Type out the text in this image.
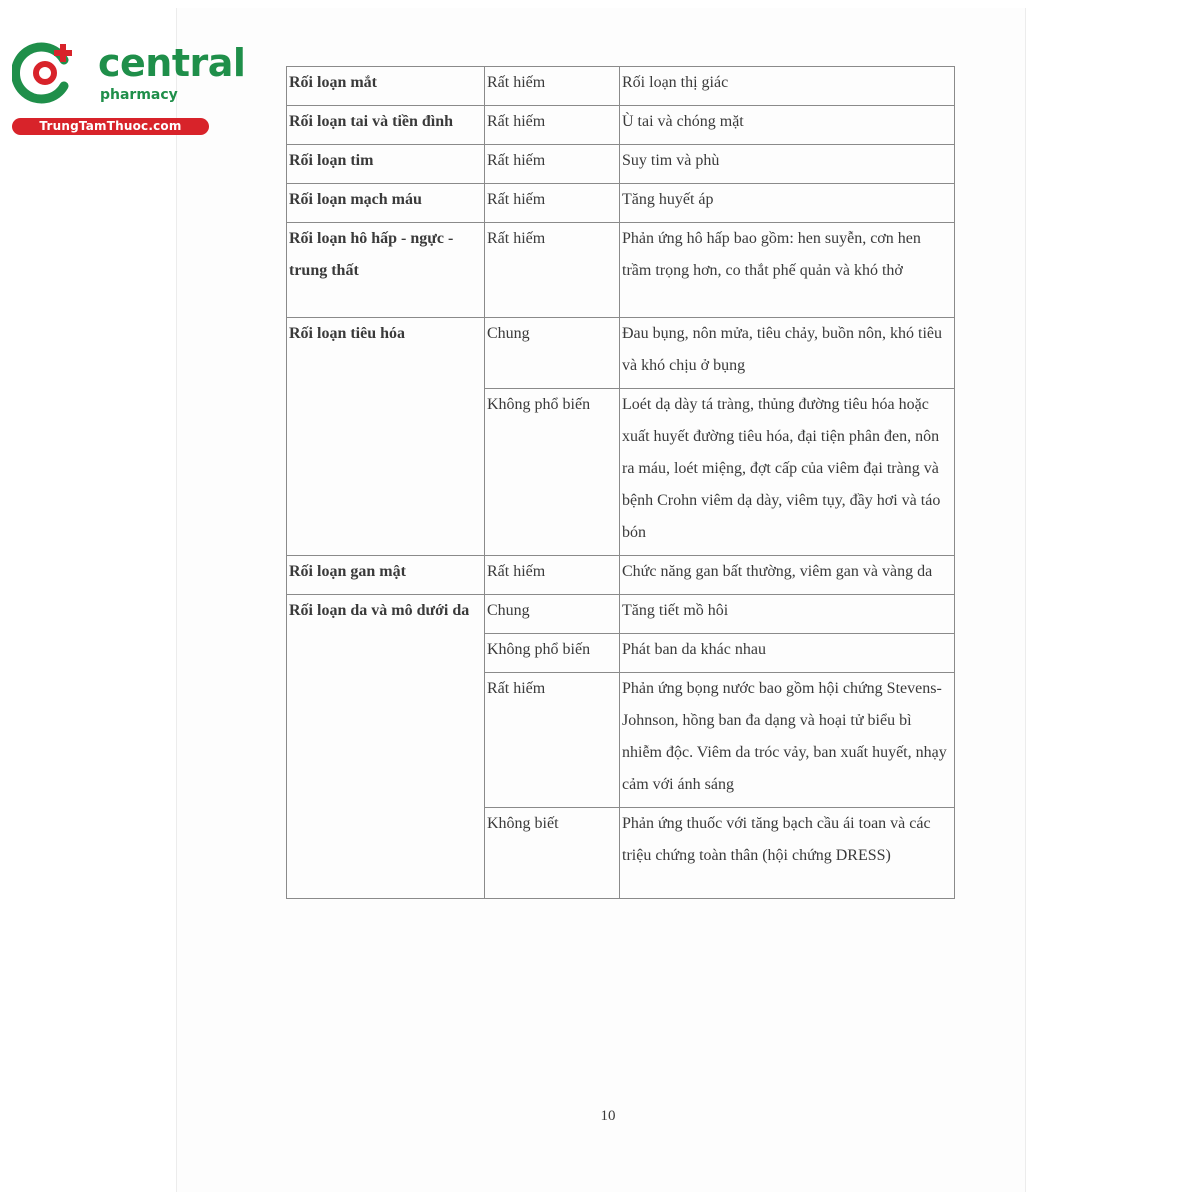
central
pharmacy
TrungTamThuoc.com
Rối loạn mắt	Rất hiếm	Rối loạn thị giác
Rối loạn tai và tiền đình	Rất hiếm	Ù tai và chóng mặt
Rối loạn tim	Rất hiếm	Suy tim và phù
Rối loạn mạch máu	Rất hiếm	Tăng huyết áp
Rối loạn hô hấp - ngực - trung thất	Rất hiếm	Phản ứng hô hấp bao gồm: hen suyễn, cơn hen trầm trọng hơn, co thắt phế quản và khó thở
Rối loạn tiêu hóa	Chung	Đau bụng, nôn mửa, tiêu chảy, buồn nôn, khó tiêu và khó chịu ở bụng
	Không phổ biến	Loét dạ dày tá tràng, thủng đường tiêu hóa hoặc xuất huyết đường tiêu hóa, đại tiện phân đen, nôn ra máu, loét miệng, đợt cấp của viêm đại tràng và bệnh Crohn viêm dạ dày, viêm tụy, đầy hơi và táo bón
Rối loạn gan mật	Rất hiếm	Chức năng gan bất thường, viêm gan và vàng da
Rối loạn da và mô dưới da	Chung	Tăng tiết mồ hôi
	Không phổ biến	Phát ban da khác nhau
	Rất hiếm	Phản ứng bọng nước bao gồm hội chứng Stevens-Johnson, hồng ban đa dạng và hoại tử biểu bì nhiễm độc. Viêm da tróc vảy, ban xuất huyết, nhạy cảm với ánh sáng
	Không biết	Phản ứng thuốc với tăng bạch cầu ái toan và các triệu chứng toàn thân (hội chứng DRESS)
10
